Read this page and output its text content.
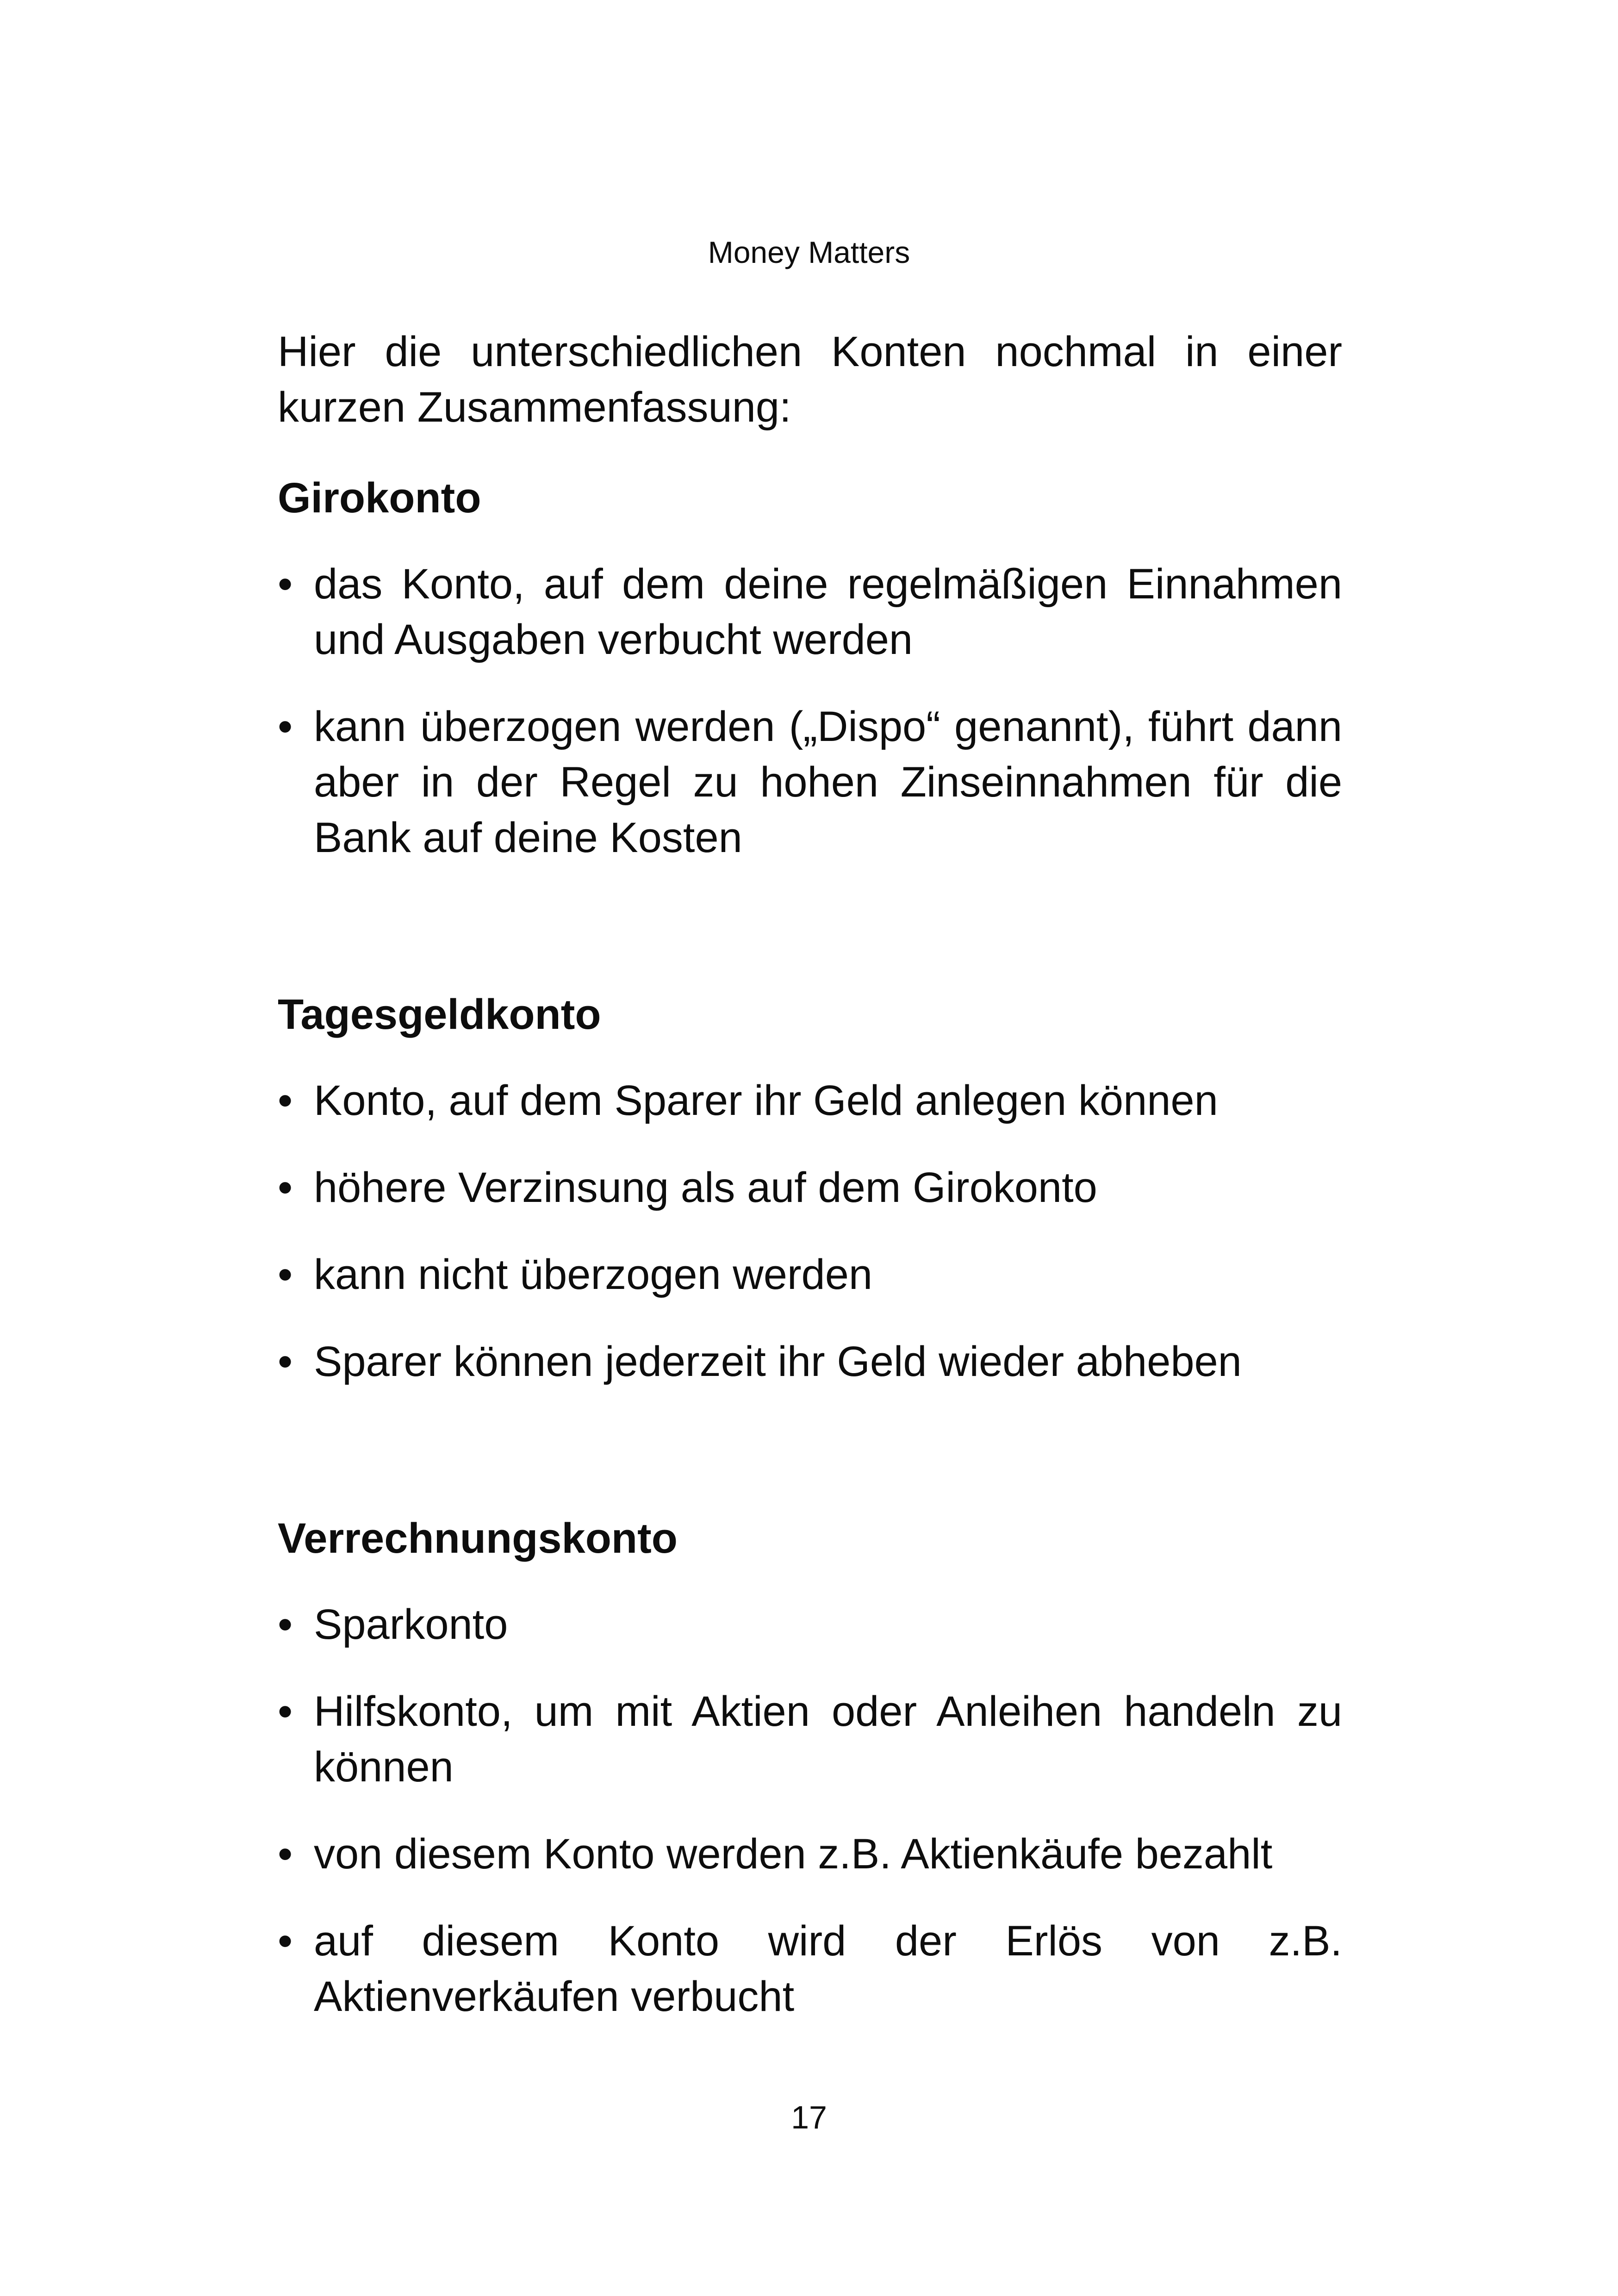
Money Matters

Hier die unterschiedlichen Konten nochmal in einer kurzen Zusammenfassung:

Girokonto
• das Konto, auf dem deine regelmäßigen Einnahmen und Ausgaben verbucht werden
• kann überzogen werden („Dispo“ genannt), führt dann aber in der Regel zu hohen Zinseinnahmen für die Bank auf deine Kosten
Tagesgeldkonto
• Konto, auf dem Sparer ihr Geld anlegen können
• höhere Verzinsung als auf dem Girokonto
• kann nicht überzogen werden
• Sparer können jederzeit ihr Geld wieder abheben
Verrechnungskonto
• Sparkonto
• Hilfskonto, um mit Aktien oder Anleihen handeln zu können
• von diesem Konto werden z.B. Aktienkäufe bezahlt
• auf diesem Konto wird der Erlös von z.B. Aktienverkäufen verbucht
17
